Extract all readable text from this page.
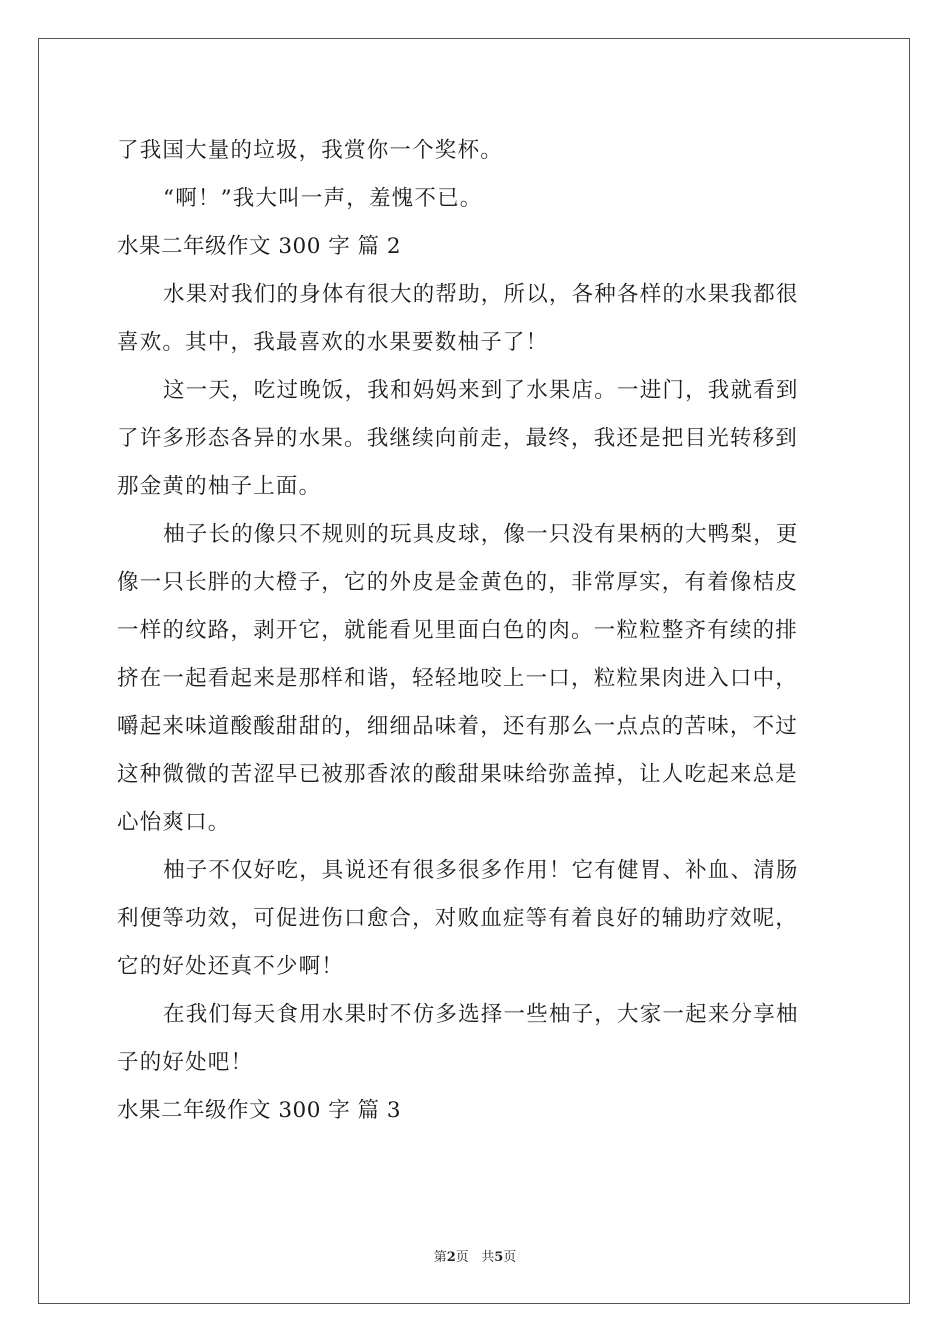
了我国大量的垃圾，我赏你一个奖杯。
“啊！”我大叫一声，羞愧不已。
水果二年级作文 300 字 篇 2
水果对我们的身体有很大的帮助，所以，各种各样的水果我都很
喜欢。其中，我最喜欢的水果要数柚子了！
这一天，吃过晚饭，我和妈妈来到了水果店。一进门，我就看到
了许多形态各异的水果。我继续向前走，最终，我还是把目光转移到
那金黄的柚子上面。
柚子长的像只不规则的玩具皮球，像一只没有果柄的大鸭梨，更
像一只长胖的大橙子，它的外皮是金黄色的，非常厚实，有着像桔皮
一样的纹路，剥开它，就能看见里面白色的肉。一粒粒整齐有续的排
挤在一起看起来是那样和谐，轻轻地咬上一口，粒粒果肉进入口中，
嚼起来味道酸酸甜甜的，细细品味着，还有那么一点点的苦味，不过
这种微微的苦涩早已被那香浓的酸甜果味给弥盖掉，让人吃起来总是
心怡爽口。
柚子不仅好吃，具说还有很多很多作用！它有健胃、补血、清肠
利便等功效，可促进伤口愈合，对败血症等有着良好的辅助疗效呢，
它的好处还真不少啊！
在我们每天食用水果时不仿多选择一些柚子，大家一起来分享柚
子的好处吧！
水果二年级作文 300 字 篇 3
第2页 共5页
